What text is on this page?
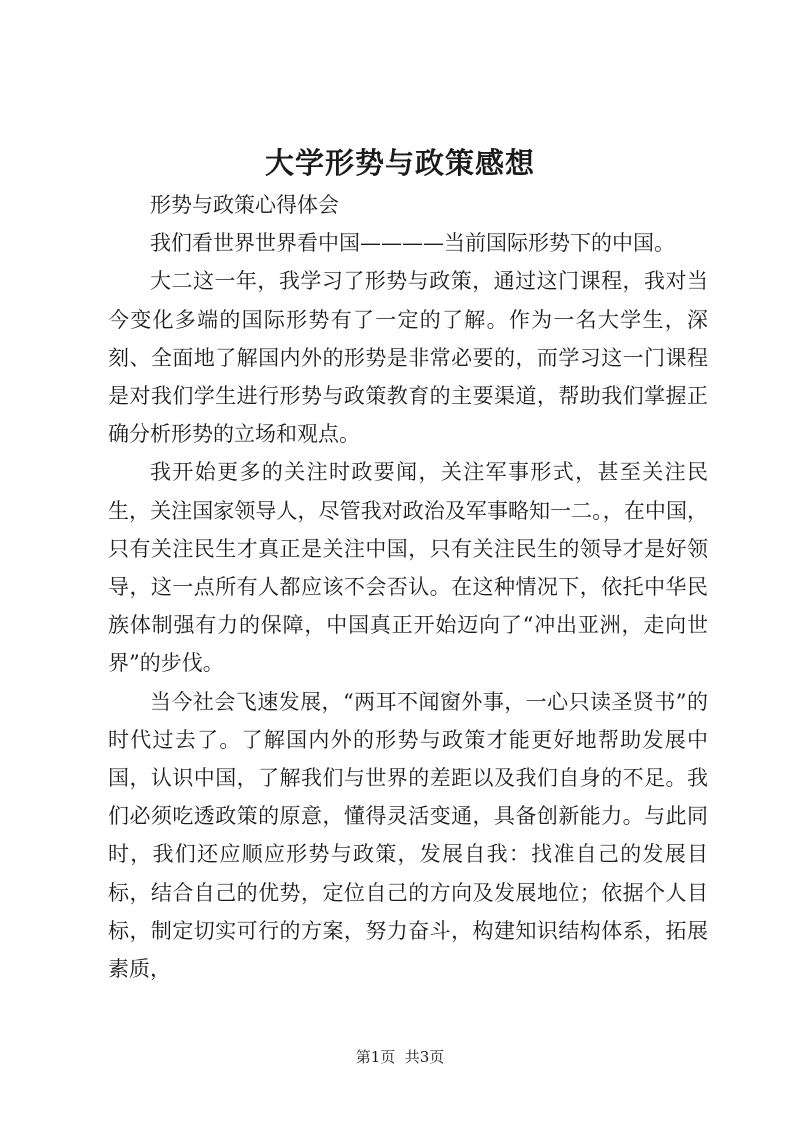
大学形势与政策感想

形势与政策心得体会

我们看世界世界看中国————当前国际形势下的中国。

大二这一年，我学习了形势与政策，通过这门课程，我对当今变化多端的国际形势有了一定的了解。作为一名大学生，深刻、全面地了解国内外的形势是非常必要的，而学习这一门课程是对我们学生进行形势与政策教育的主要渠道，帮助我们掌握正确分析形势的立场和观点。

我开始更多的关注时政要闻，关注军事形式，甚至关注民生，关注国家领导人，尽管我对政治及军事略知一二。，在中国，只有关注民生才真正是关注中国，只有关注民生的领导才是好领导，这一点所有人都应该不会否认。在这种情况下，依托中华民族体制强有力的保障，中国真正开始迈向了“冲出亚洲，走向世界”的步伐。

当今社会飞速发展，“两耳不闻窗外事，一心只读圣贤书”的时代过去了。了解国内外的形势与政策才能更好地帮助发展中国，认识中国，了解我们与世界的差距以及我们自身的不足。我们必须吃透政策的原意，懂得灵活变通，具备创新能力。与此同时，我们还应顺应形势与政策，发展自我：找准自己的发展目标，结合自己的优势，定位自己的方向及发展地位；依据个人目标，制定切实可行的方案，努力奋斗，构建知识结构体系，拓展素质，

第1页  共3页
